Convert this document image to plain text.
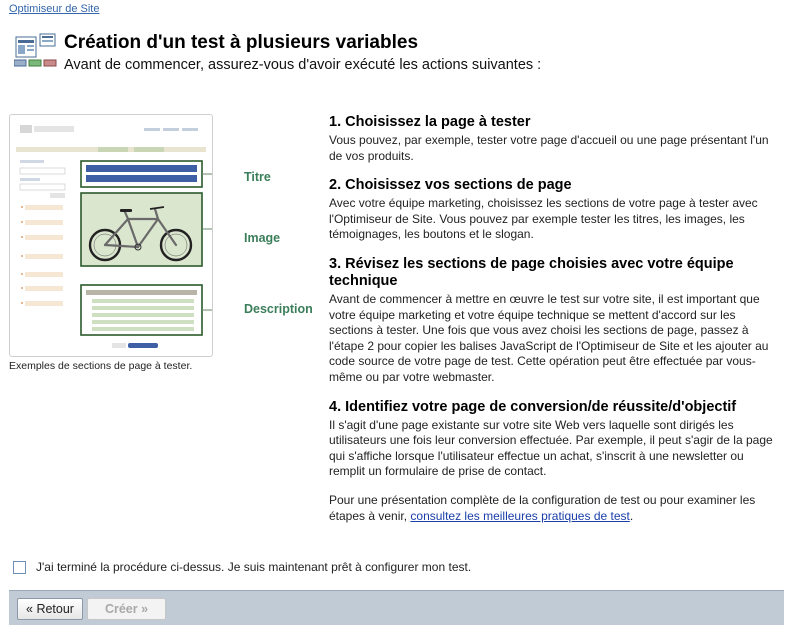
Optimiseur de Site
Création d'un test à plusieurs variables
Avant de commencer, assurez-vous d'avoir exécuté les actions suivantes :
Titre
Image
Description
Exemples de sections de page à tester.
1. Choisissez la page à tester

Vous pouvez, par exemple, tester votre page d'accueil ou une page présentant l'un de vos produits.

2. Choisissez vos sections de page

Avec votre équipe marketing, choisissez les sections de votre page à tester avec l'Optimiseur de Site. Vous pouvez par exemple tester les titres, les images, les témoignages, les boutons et le slogan.

3. Révisez les sections de page choisies avec votre équipe technique

Avant de commencer à mettre en œuvre le test sur votre site, il est important que votre équipe marketing et votre équipe technique se mettent d'accord sur les sections à tester. Une fois que vous avez choisi les sections de page, passez à l'étape 2 pour copier les balises JavaScript de l'Optimiseur de Site et les ajouter au code source de votre page de test. Cette opération peut être effectuée par vous-même ou par votre webmaster.

4. Identifiez votre page de conversion/de réussite/d'objectif

Il s'agit d'une page existante sur votre site Web vers laquelle sont dirigés les utilisateurs une fois leur conversion effectuée. Par exemple, il peut s'agir de la page qui s'affiche lorsque l'utilisateur effectue un achat, s'inscrit à une newsletter ou remplit un formulaire de prise de contact.

Pour une présentation complète de la configuration de test ou pour examiner les étapes à venir, consultez les meilleures pratiques de test.

J'ai terminé la procédure ci-dessus. Je suis maintenant prêt à configurer mon test.
« Retour	Créer »
